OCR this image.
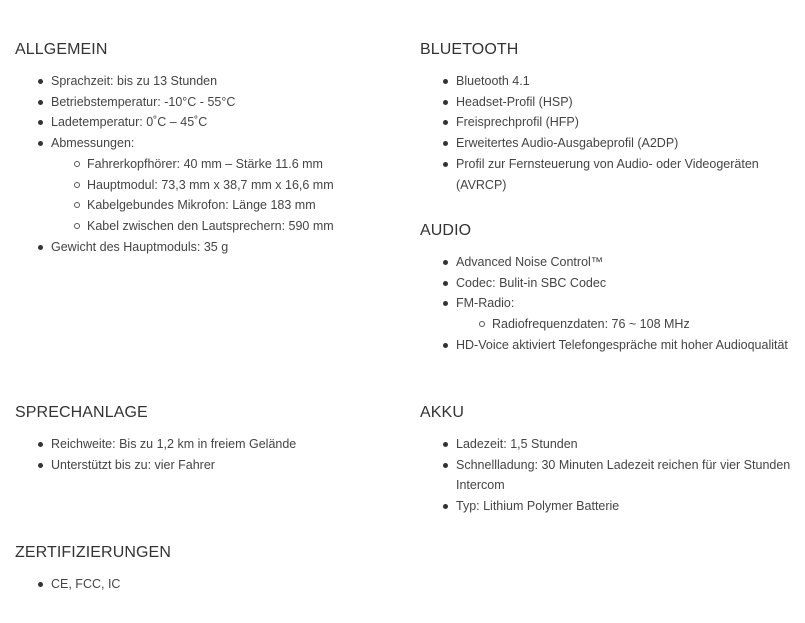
ALLGEMEIN
Sprachzeit: bis zu 13 Stunden
Betriebstemperatur: -10°C - 55°C
Ladetemperatur: 0˚C – 45˚C
Abmessungen:
Fahrerkopfhörer: 40 mm – Stärke 11.6 mm
Hauptmodul: 73,3 mm x 38,7 mm x 16,6 mm
Kabelgebundes Mikrofon: Länge 183 mm
Kabel zwischen den Lautsprechern: 590 mm
Gewicht des Hauptmoduls: 35 g
BLUETOOTH
Bluetooth 4.1
Headset-Profil (HSP)
Freisprechprofil (HFP)
Erweitertes Audio-Ausgabeprofil (A2DP)
Profil zur Fernsteuerung von Audio- oder Videogeräten (AVRCP)
AUDIO
Advanced Noise Control™
Codec: Bulit-in SBC Codec
FM-Radio:
Radiofrequenzdaten: 76 ~ 108 MHz
HD-Voice aktiviert Telefongespräche mit hoher Audioqualität
SPRECHANLAGE
Reichweite: Bis zu 1,2 km in freiem Gelände
Unterstützt bis zu: vier Fahrer
AKKU
Ladezeit: 1,5 Stunden
Schnellladung: 30 Minuten Ladezeit reichen für vier Stunden Intercom
Typ: Lithium Polymer Batterie
ZERTIFIZIERUNGEN
CE, FCC, IC
